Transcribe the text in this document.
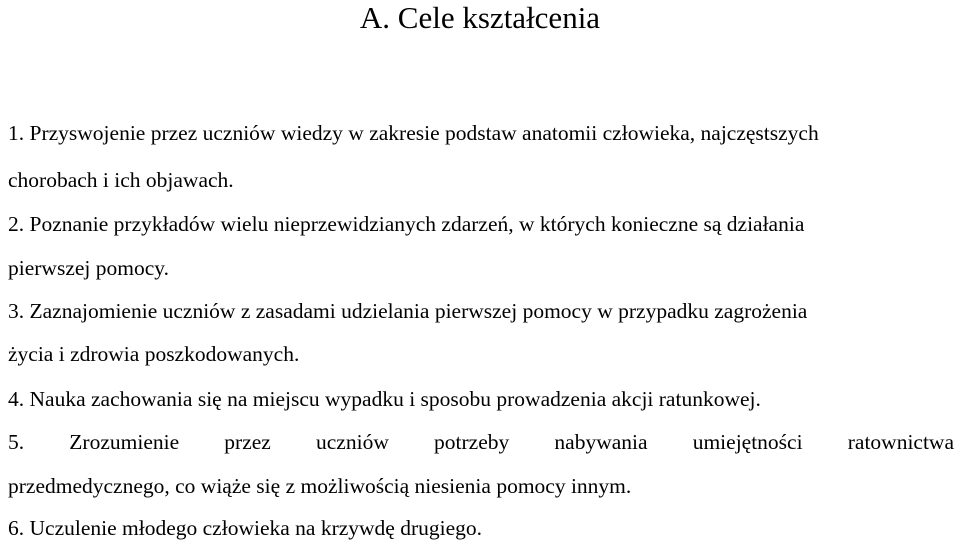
A. Cele kształcenia
1. Przyswojenie przez uczniów wiedzy w zakresie podstaw anatomii człowieka, najczęstszych
chorobach i ich objawach.
2. Poznanie przykładów wielu nieprzewidzianych zdarzeń, w których konieczne są działania
pierwszej pomocy.
3. Zaznajomienie uczniów z zasadami udzielania pierwszej pomocy w przypadku zagrożenia
życia i zdrowia poszkodowanych.
4. Nauka zachowania się na miejscu wypadku i sposobu prowadzenia akcji ratunkowej.
5. Zrozumienie przez uczniów potrzeby nabywania umiejętności ratownictwa
przedmedycznego, co wiąże się z możliwością niesienia pomocy innym.
6. Uczulenie młodego człowieka na krzywdę drugiego.
